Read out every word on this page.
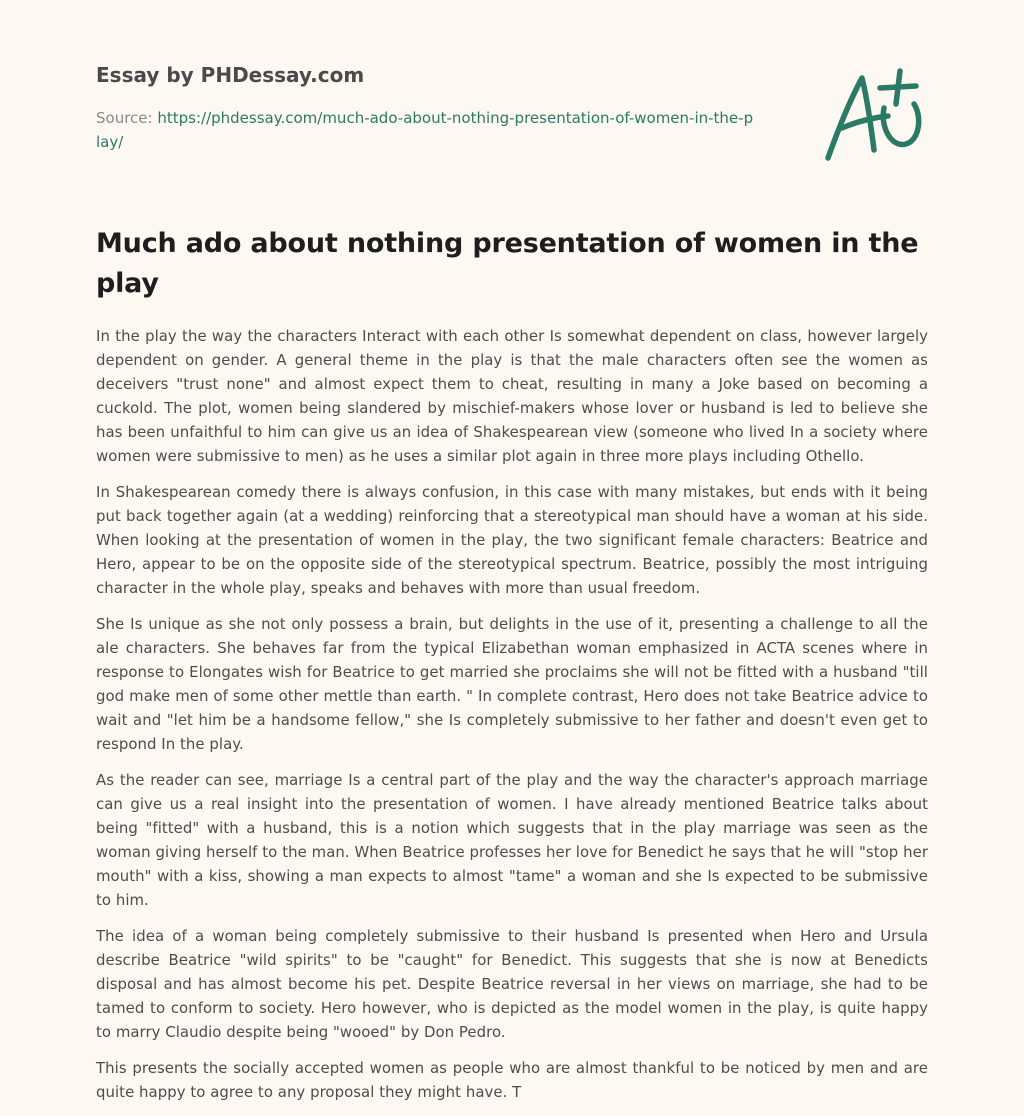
Essay by PHDessay.com
Source: https://phdessay.com/much-ado-about-nothing-presentation-of-women-in-the-play/
Much ado about nothing presentation of women in the play

In the play the way the characters Interact with each other Is somewhat dependent on class, however largely dependent on gender. A general theme in the play is that the male characters often see the women as deceivers "trust none" and almost expect them to cheat, resulting in many a Joke based on becoming a cuckold. The plot, women being slandered by mischief-makers whose lover or husband is led to believe she has been unfaithful to him can give us an idea of Shakespearean view (someone who lived In a society where women were submissive to men) as he uses a similar plot again in three more plays including Othello.

In Shakespearean comedy there is always confusion, in this case with many mistakes, but ends with it being put back together again (at a wedding) reinforcing that a stereotypical man should have a woman at his side. When looking at the presentation of women in the play, the two significant female characters: Beatrice and Hero, appear to be on the opposite side of the stereotypical spectrum. Beatrice, possibly the most intriguing character in the whole play, speaks and behaves with more than usual freedom.

She Is unique as she not only possess a brain, but delights in the use of it, presenting a challenge to all the ale characters. She behaves far from the typical Elizabethan woman emphasized in ACTA scenes where in response to Elongates wish for Beatrice to get married she proclaims she will not be fitted with a husband "till god make men of some other mettle than earth. " In complete contrast, Hero does not take Beatrice advice to wait and "let him be a handsome fellow," she Is completely submissive to her father and doesn't even get to respond In the play.

As the reader can see, marriage Is a central part of the play and the way the character's approach marriage can give us a real insight into the presentation of women. I have already mentioned Beatrice talks about being "fitted" with a husband, this is a notion which suggests that in the play marriage was seen as the woman giving herself to the man. When Beatrice professes her love for Benedict he says that he will "stop her mouth" with a kiss, showing a man expects to almost "tame" a woman and she Is expected to be submissive to him.

The idea of a woman being completely submissive to their husband Is presented when Hero and Ursula describe Beatrice "wild spirits" to be "caught" for Benedict. This suggests that she is now at Benedicts disposal and has almost become his pet. Despite Beatrice reversal in her views on marriage, she had to be tamed to conform to society. Hero however, who is depicted as the model women in the play, is quite happy to marry Claudio despite being "wooed" by Don Pedro.

This presents the socially accepted women as people who are almost thankful to be noticed by men and are quite happy to agree to any proposal they might have. T
